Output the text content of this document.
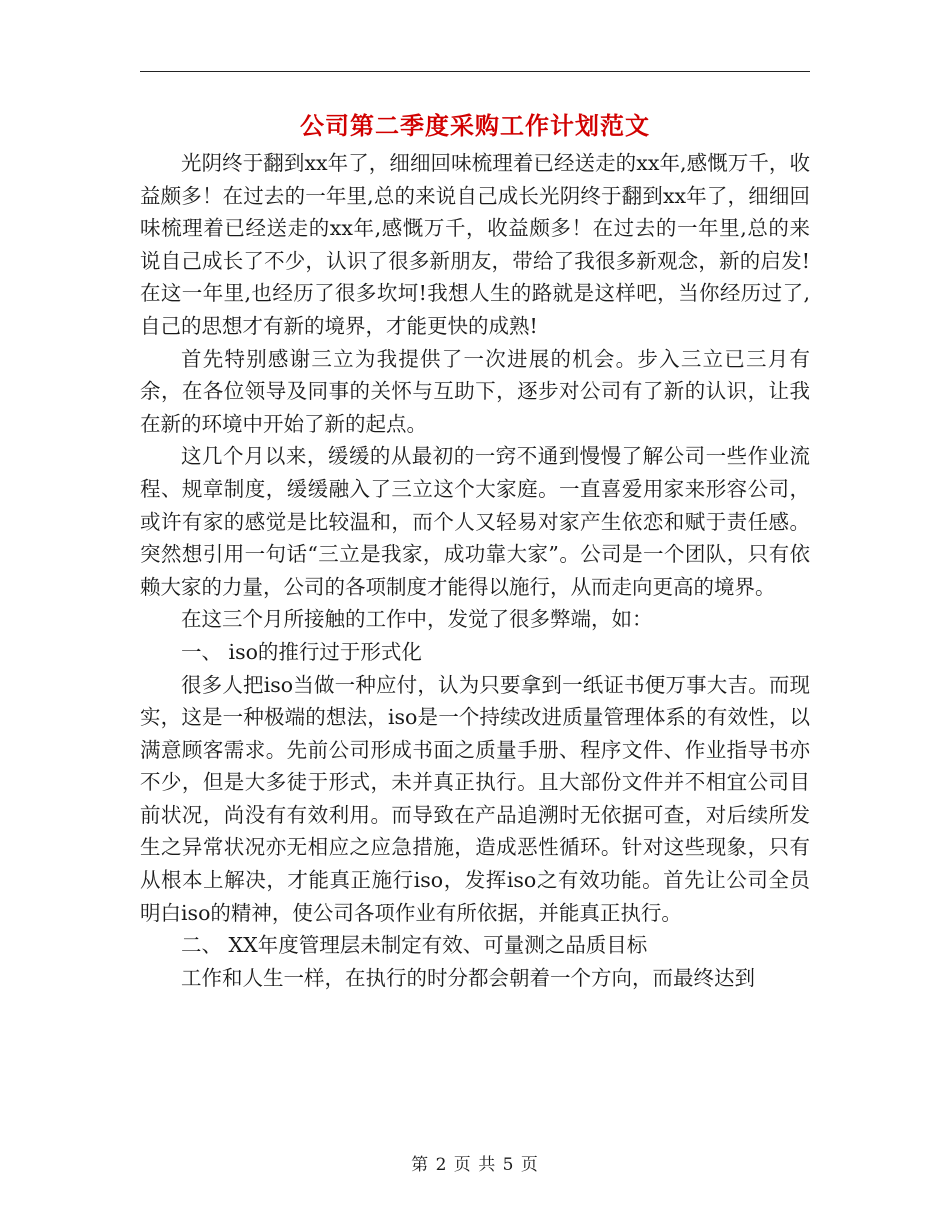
公司第二季度采购工作计划范文

光阴终于翻到xx年了，细细回味梳理着已经送走的xx年,感慨万千，收益颇多！在过去的一年里,总的来说自己成长光阴终于翻到xx年了，细细回味梳理着已经送走的xx年,感慨万千，收益颇多！在过去的一年里,总的来说自己成长了不少，认识了很多新朋友，带给了我很多新观念，新的启发!在这一年里,也经历了很多坎坷!我想人生的路就是这样吧，当你经历过了,自己的思想才有新的境界，才能更快的成熟!

首先特别感谢三立为我提供了一次进展的机会。步入三立已三月有余，在各位领导及同事的关怀与互助下，逐步对公司有了新的认识，让我在新的环境中开始了新的起点。

这几个月以来，缓缓的从最初的一窍不通到慢慢了解公司一些作业流程、规章制度，缓缓融入了三立这个大家庭。一直喜爱用家来形容公司，或许有家的感觉是比较温和，而个人又轻易对家产生依恋和赋于责任感。突然想引用一句话“三立是我家，成功靠大家”。公司是一个团队，只有依赖大家的力量，公司的各项制度才能得以施行，从而走向更高的境界。

在这三个月所接触的工作中，发觉了很多弊端，如：

一、 iso的推行过于形式化

很多人把iso当做一种应付，认为只要拿到一纸证书便万事大吉。而现实，这是一种极端的想法，iso是一个持续改进质量管理体系的有效性，以满意顾客需求。先前公司形成书面之质量手册、程序文件、作业指导书亦不少，但是大多徒于形式，未并真正执行。且大部份文件并不相宜公司目前状况，尚没有有效利用。而导致在产品追溯时无依据可查，对后续所发生之异常状况亦无相应之应急措施，造成恶性循环。针对这些现象，只有从根本上解决，才能真正施行iso，发挥iso之有效功能。首先让公司全员明白iso的精神，使公司各项作业有所依据，并能真正执行。

二、 XX年度管理层未制定有效、可量测之品质目标

工作和人生一样，在执行的时分都会朝着一个方向，而最终达到

第 2 页 共 5 页
